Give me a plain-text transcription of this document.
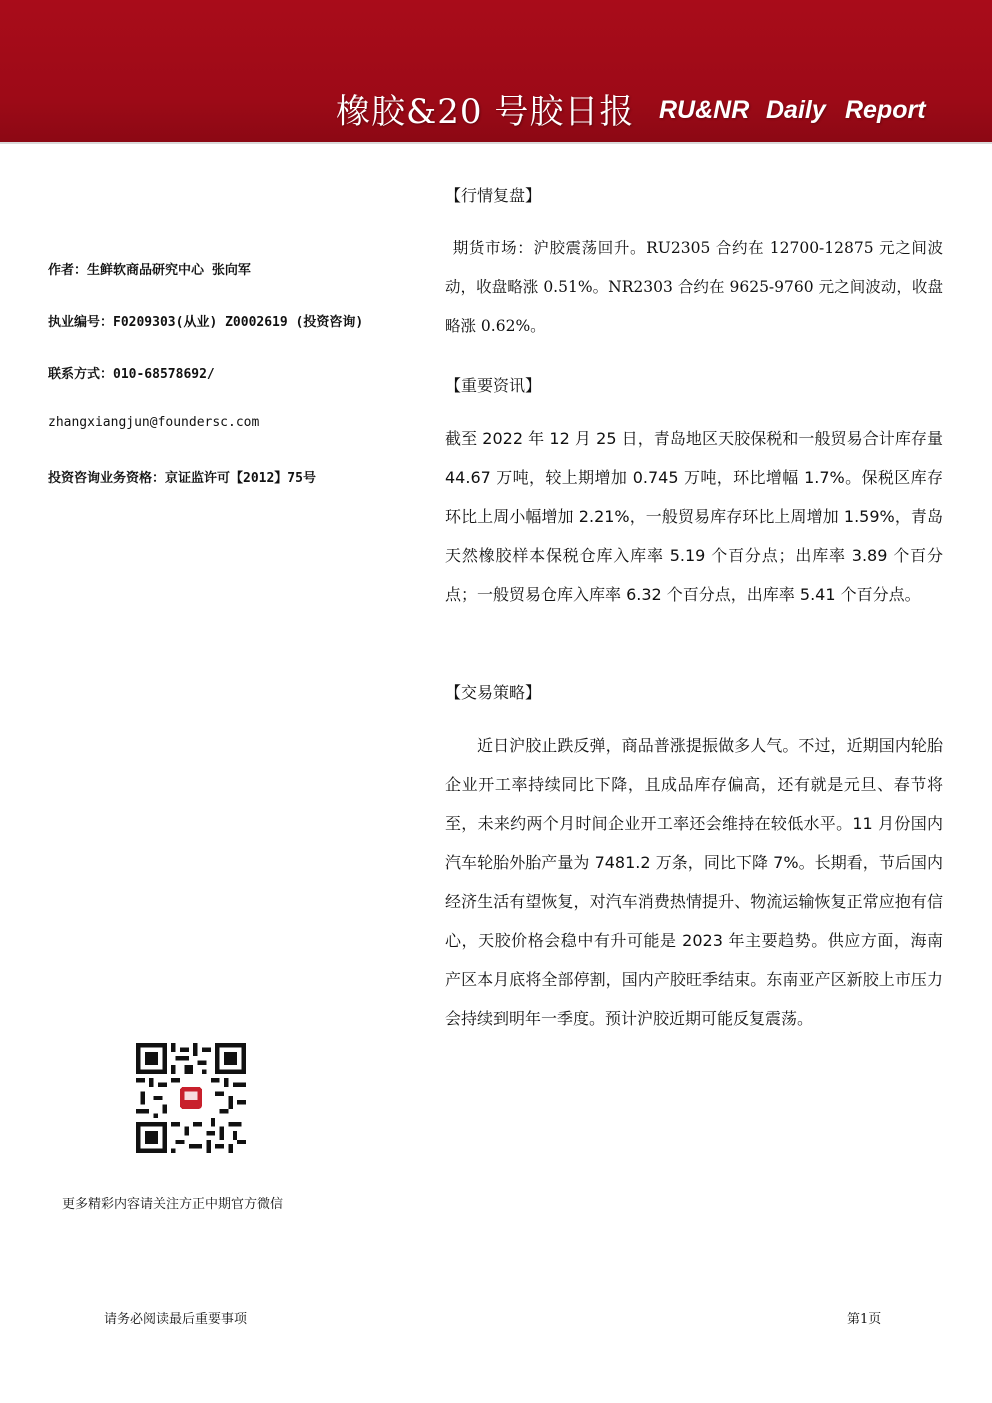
橡胶&20 号胶日报 RU&NR Daily Report
作者：生鲜软商品研究中心 张向军
执业编号：F0209303(从业) Z0002619 (投资咨询)
联系方式：010-68578692/
zhangxiangjun@foundersc.com
投资咨询业务资格：京证监许可【2012】75号
【行情复盘】
期货市场：沪胶震荡回升。RU2305 合约在 12700-12875 元之间波动，收盘略涨 0.51%。NR2303 合约在 9625-9760 元之间波动，收盘略涨 0.62%。
【重要资讯】
截至 2022 年 12 月 25 日，青岛地区天胶保税和一般贸易合计库存量 44.67 万吨，较上期增加 0.745 万吨，环比增幅 1.7%。保税区库存环比上周小幅增加 2.21%，一般贸易库存环比上周增加 1.59%，青岛天然橡胶样本保税仓库入库率 5.19 个百分点；出库率 3.89 个百分点；一般贸易仓库入库率 6.32 个百分点，出库率 5.41 个百分点。
【交易策略】
近日沪胶止跌反弹，商品普涨提振做多人气。不过，近期国内轮胎企业开工率持续同比下降，且成品库存偏高，还有就是元旦、春节将至，未来约两个月时间企业开工率还会维持在较低水平。11 月份国内汽车轮胎外胎产量为 7481.2 万条，同比下降 7%。长期看，节后国内经济生活有望恢复，对汽车消费热情提升、物流运输恢复正常应抱有信心，天胶价格会稳中有升可能是 2023 年主要趋势。供应方面，海南产区本月底将全部停割，国内产胶旺季结束。东南亚产区新胶上市压力会持续到明年一季度。预计沪胶近期可能反复震荡。
更多精彩内容请关注方正中期官方微信
请务必阅读最后重要事项	第1页
